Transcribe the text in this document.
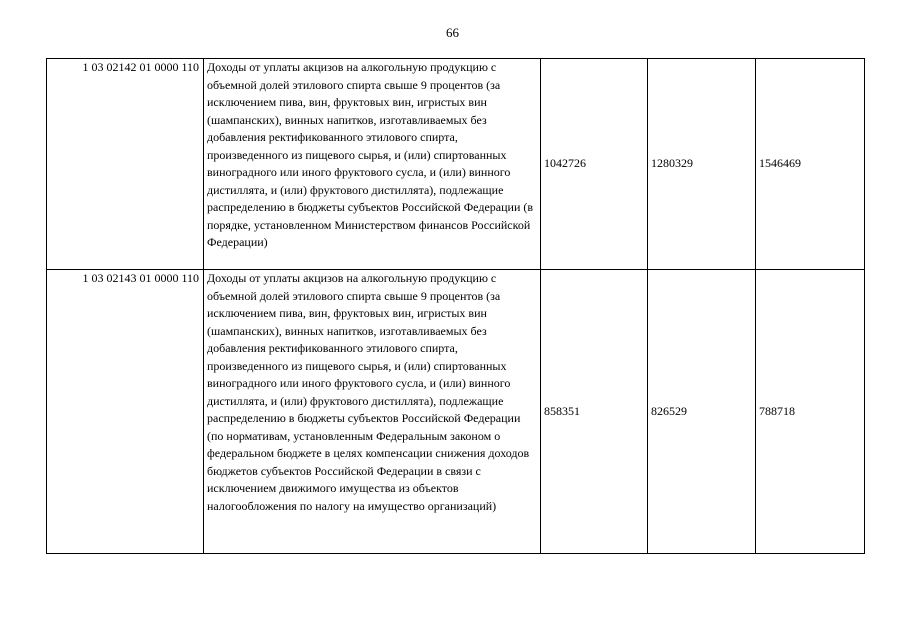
66
1 03 02142 01 0000 110	Доходы от уплаты акцизов на алкогольную продукцию с объемной долей этилового спирта свыше 9 процентов (за исключением пива, вин, фруктовых вин, игристых вин (шампанских), винных напитков, изготавливаемых без добавления ректификованного этилового спирта, произведенного из пищевого сырья, и (или) спиртованных виноградного или иного фруктового сусла, и (или) винного дистиллята, и (или) фруктового дистиллята), подлежащие распределению в бюджеты субъектов Российской Федерации (в порядке, установленном Министерством финансов Российской Федерации)	1042726	1280329	1546469
1 03 02143 01 0000 110	Доходы от уплаты акцизов на алкогольную продукцию с объемной долей этилового спирта свыше 9 процентов (за исключением пива, вин, фруктовых вин, игристых вин (шампанских), винных напитков, изготавливаемых без добавления ректификованного этилового спирта, произведенного из пищевого сырья, и (или) спиртованных виноградного или иного фруктового сусла, и (или) винного дистиллята, и (или) фруктового дистиллята), подлежащие распределению в бюджеты субъектов Российской Федерации (по нормативам, установленным Федеральным законом о федеральном бюджете в целях компенсации снижения доходов бюджетов субъектов Российской Федерации в связи с исключением движимого имущества из объектов налогообложения по налогу на имущество организаций)	858351	826529	788718
